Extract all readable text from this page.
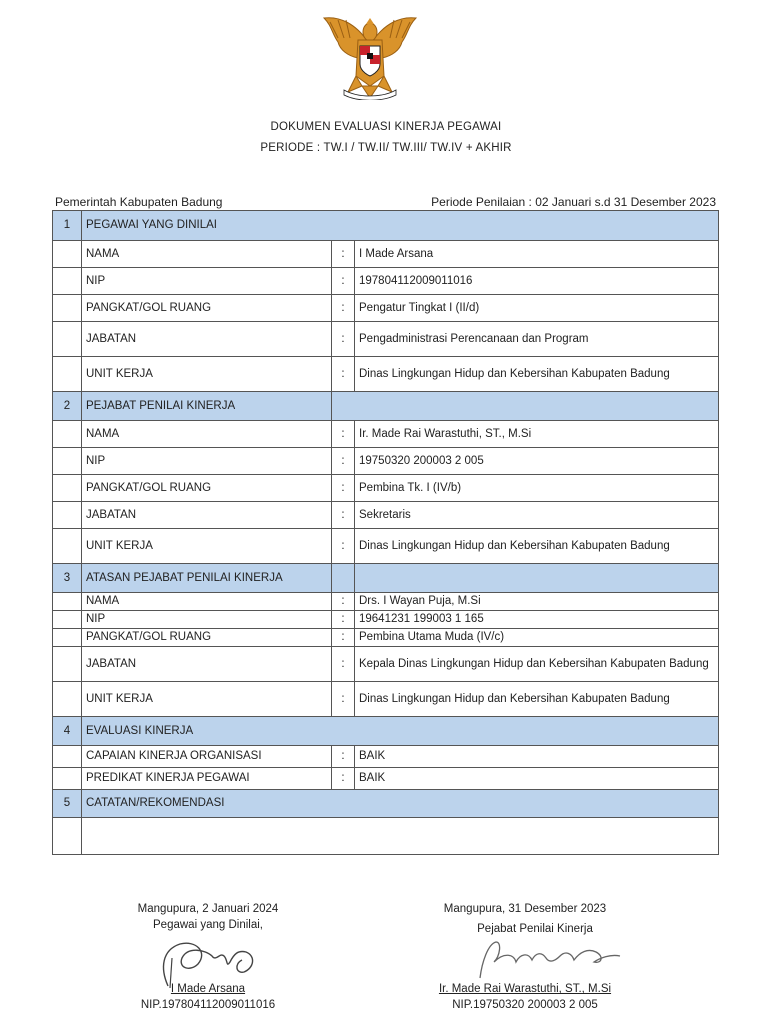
DOKUMEN EVALUASI KINERJA PEGAWAI
PERIODE : TW.I / TW.II/ TW.III/ TW.IV + AKHIR
Pemerintah Kabupaten Badung	Periode Penilaian : 02 Januari s.d 31 Desember 2023
1	PEGAWAI YANG DINILAI		
	NAMA	:	I Made Arsana
	NIP	:	197804112009011016
	PANGKAT/GOL RUANG	:	Pengatur Tingkat I (II/d)
	JABATAN	:	Pengadministrasi Perencanaan dan Program
	UNIT KERJA	:	Dinas Lingkungan Hidup dan Kebersihan Kabupaten Badung
2	PEJABAT PENILAI KINERJA		
	NAMA	:	Ir. Made Rai Warastuthi, ST., M.Si
	NIP	:	19750320 200003 2 005
	PANGKAT/GOL RUANG	:	Pembina Tk. I (IV/b)
	JABATAN	:	Sekretaris
	UNIT KERJA	:	Dinas Lingkungan Hidup dan Kebersihan Kabupaten Badung
3	ATASAN PEJABAT PENILAI KINERJA		
	NAMA	:	Drs. I Wayan Puja, M.Si
	NIP	:	19641231 199003 1 165
	PANGKAT/GOL RUANG	:	Pembina Utama Muda (IV/c)
	JABATAN	:	Kepala Dinas Lingkungan Hidup dan Kebersihan Kabupaten Badung
	UNIT KERJA	:	Dinas Lingkungan Hidup dan Kebersihan Kabupaten Badung
4	EVALUASI KINERJA		
	CAPAIAN KINERJA ORGANISASI	:	BAIK
	PREDIKAT KINERJA PEGAWAI	:	BAIK
5	CATATAN/REKOMENDASI		

Mangupura, 2 Januari 2024
Pegawai yang Dinilai,
I Made Arsana
NIP.197804112009011016
Mangupura, 31 Desember 2023
Pejabat Penilai Kinerja
Ir. Made Rai Warastuthi, ST., M.Si
NIP.19750320 200003 2 005
